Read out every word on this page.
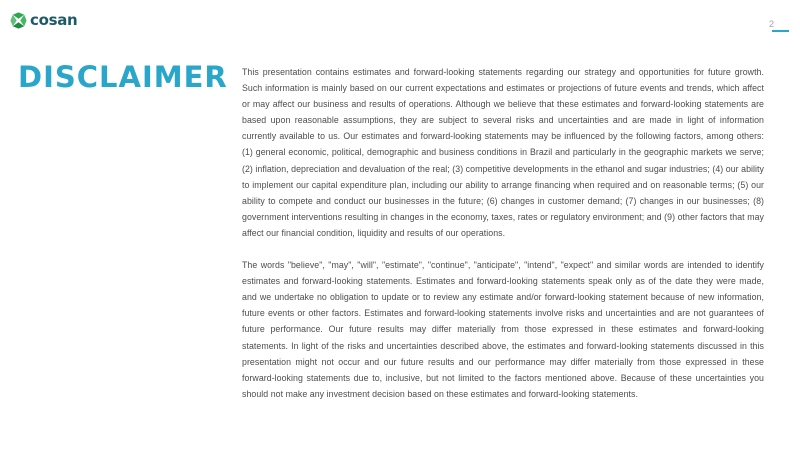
cosan	2
DISCLAIMER This presentation contains estimates and forward-looking statements regarding our strategy and opportunities for future growth. Such information is mainly based on our current expectations and estimates or projections of future events and trends, which affect or may affect our business and results of operations. Although we believe that these estimates and forward-looking statements are based upon reasonable assumptions, they are subject to several risks and uncertainties and are made in light of information currently available to us. Our estimates and forward-looking statements may be influenced by the following factors, among others: (1) general economic, political, demographic and business conditions in Brazil and particularly in the geographic markets we serve; (2) inflation, depreciation and devaluation of the real; (3) competitive developments in the ethanol and sugar industries; (4) our ability to implement our capital expenditure plan, including our ability to arrange financing when required and on reasonable terms; (5) our ability to compete and conduct our businesses in the future; (6) changes in customer demand; (7) changes in our businesses; (8) government interventions resulting in changes in the economy, taxes, rates or regulatory environment; and (9) other factors that may affect our financial condition, liquidity and results of our operations.

The words "believe", "may", "will", "estimate", "continue", "anticipate", "intend", "expect" and similar words are intended to identify estimates and forward-looking statements. Estimates and forward-looking statements speak only as of the date they were made, and we undertake no obligation to update or to review any estimate and/or forward-looking statement because of new information, future events or other factors. Estimates and forward-looking statements involve risks and uncertainties and are not guarantees of future performance. Our future results may differ materially from those expressed in these estimates and forward-looking statements. In light of the risks and uncertainties described above, the estimates and forward-looking statements discussed in this presentation might not occur and our future results and our performance may differ materially from those expressed in these forward-looking statements due to, inclusive, but not limited to the factors mentioned above. Because of these uncertainties you should not make any investment decision based on these estimates and forward-looking statements.
